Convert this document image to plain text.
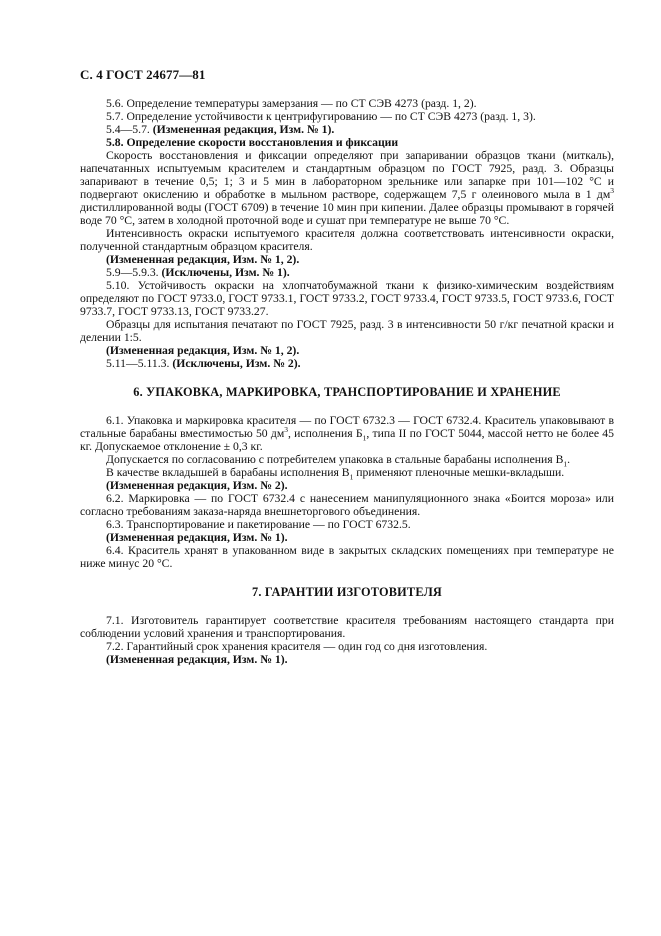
С. 4 ГОСТ 24677—81

5.6. Определение температуры замерзания — по СТ СЭВ 4273 (разд. 1, 2).

5.7. Определение устойчивости к центрифугированию — по СТ СЭВ 4273 (разд. 1, 3).

5.4—5.7. (Измененная редакция, Изм. № 1).

5.8. Определение скорости восстановления и фиксации

Скорость восстановления и фиксации определяют при запаривании образцов ткани (миткаль), напечатанных испытуемым красителем и стандартным образцом по ГОСТ 7925, разд. 3. Образцы запаривают в течение 0,5; 1; 3 и 5 мин в лабораторном зрельнике или запарке при 101—102 °С и подвергают окислению и обработке в мыльном растворе, содержащем 7,5 г олеинового мыла в 1 $дм^3$ дистиллированной воды (ГОСТ 6709) в течение 10 мин при кипении. Далее образцы промывают в горячей воде 70 °С, затем в холодной проточной воде и сушат при температуре не выше 70 °С.

Интенсивность окраски испытуемого красителя должна соответствовать интенсивности окраски, полученной стандартным образцом красителя.

(Измененная редакция, Изм. № 1, 2).

5.9—5.9.3. (Исключены, Изм. № 1).

5.10. Устойчивость окраски на хлопчатобумажной ткани к физико-химическим воздействиям определяют по ГОСТ 9733.0, ГОСТ 9733.1, ГОСТ 9733.2, ГОСТ 9733.4, ГОСТ 9733.5, ГОСТ 9733.6, ГОСТ 9733.7, ГОСТ 9733.13, ГОСТ 9733.27.

Образцы для испытания печатают по ГОСТ 7925, разд. 3 в интенсивности 50 г/кг печатной краски и делении 1:5.

(Измененная редакция, Изм. № 1, 2).

5.11—5.11.3. (Исключены, Изм. № 2).

6. УПАКОВКА, МАРКИРОВКА, ТРАНСПОРТИРОВАНИЕ И ХРАНЕНИЕ

6.1. Упаковка и маркировка красителя — по ГОСТ 6732.3 — ГОСТ 6732.4. Краситель упаковывают в стальные барабаны вместимостью 50 $дм^3$, исполнения $Б_1$, типа II по ГОСТ 5044, массой нетто не более 45 кг. Допускаемое отклонение ± 0,3 кг.

Допускается по согласованию с потребителем упаковка в стальные барабаны исполнения $В_1$.

В качестве вкладышей в барабаны исполнения $В_1$ применяют пленочные мешки-вкладыши.

(Измененная редакция, Изм. № 2).

6.2. Маркировка — по ГОСТ 6732.4 с нанесением манипуляционного знака «Боится мороза» или согласно требованиям заказа-наряда внешнеторгового объединения.

6.3. Транспортирование и пакетирование — по ГОСТ 6732.5.

(Измененная редакция, Изм. № 1).

6.4. Краситель хранят в упакованном виде в закрытых складских помещениях при температуре не ниже минус 20 °С.

7. ГАРАНТИИ ИЗГОТОВИТЕЛЯ

7.1. Изготовитель гарантирует соответствие красителя требованиям настоящего стандарта при соблюдении условий хранения и транспортирования.

7.2. Гарантийный срок хранения красителя — один год со дня изготовления.

(Измененная редакция, Изм. № 1).
